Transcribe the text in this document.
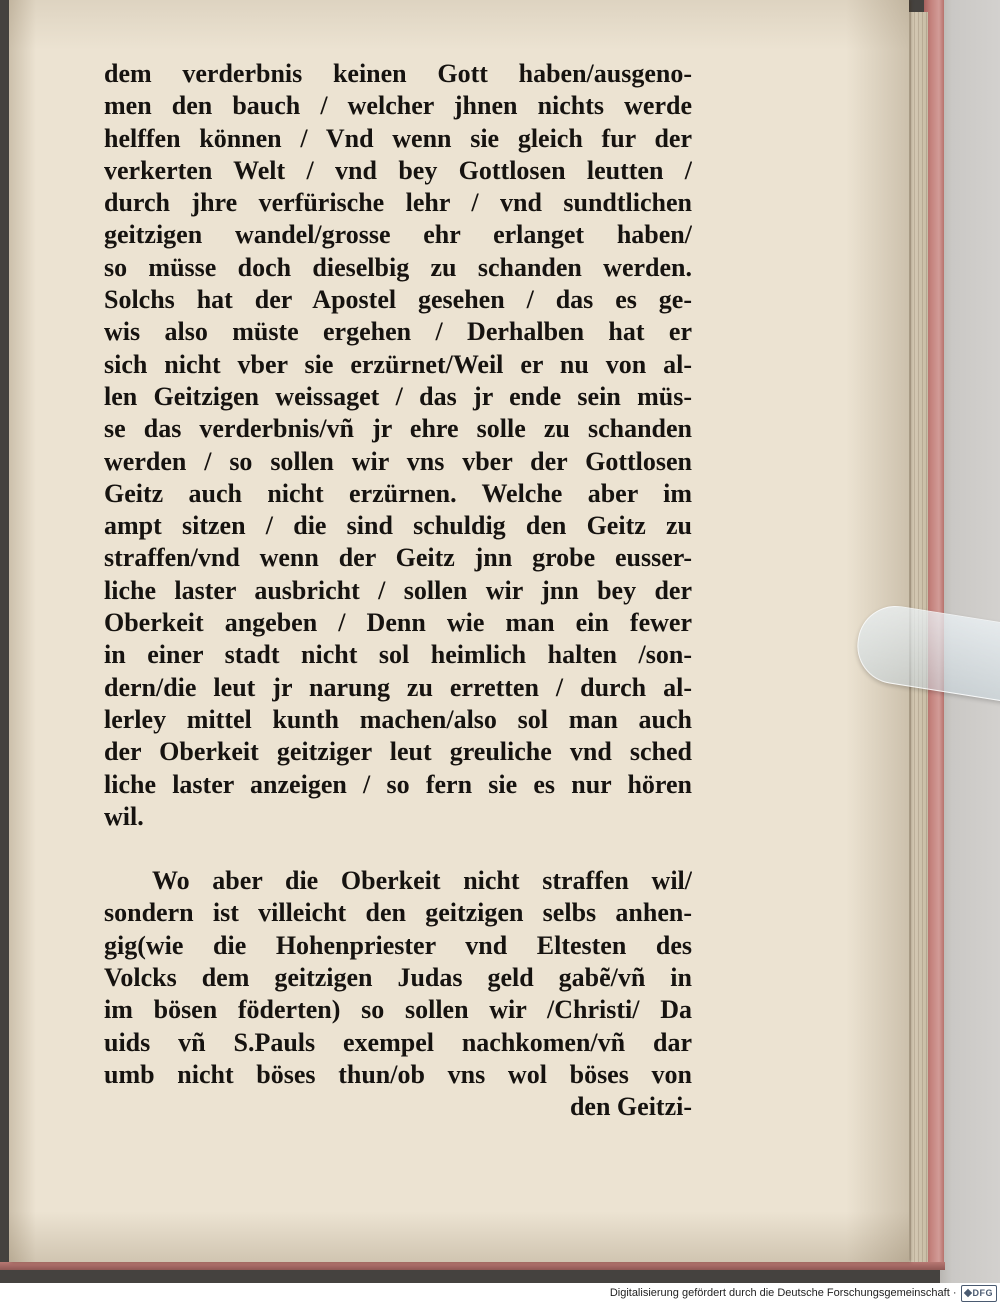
dem verderbnis keinen Gott haben/ausgeno-
men den bauch / welcher jhnen nichts werde
helffen können / Vnd wenn sie gleich fur der
verkerten Welt / vnd bey Gottlosen leutten /
durch jhre verfürische lehr / vnd sundtlichen
geitzigen wandel/grosse ehr erlanget haben/
so müsse doch dieselbig zu schanden werden.
Solchs hat der Apostel gesehen / das es ge-
wis also müste ergehen / Derhalben hat er
sich nicht vber sie erzürnet/Weil er nu von al-
len Geitzigen weissaget / das jr ende sein müs-
se das verderbnis/vñ jr ehre solle zu schanden
werden / so sollen wir vns vber der Gottlosen
Geitz auch nicht erzürnen. Welche aber im
ampt sitzen / die sind schuldig den Geitz zu
straffen/vnd wenn der Geitz jnn grobe eusser-
liche laster ausbricht / sollen wir jnn bey der
Oberkeit angeben / Denn wie man ein fewer
in einer stadt nicht sol heimlich halten /son-
dern/die leut jr narung zu erretten / durch al-
lerley mittel kunth machen/also sol man auch
der Oberkeit geitziger leut greuliche vnd sched
liche laster anzeigen / so fern sie es nur hören
wil.
Wo aber die Oberkeit nicht straffen wil/
sondern ist villeicht den geitzigen selbs anhen-
gig(wie die Hohenpriester vnd Eltesten des
Volcks dem geitzigen Judas geld gabẽ/vñ in
im bösen föderten) so sollen wir /Christi/ Da
uids vñ S.Pauls exempel nachkomen/vñ dar
umb nicht böses thun/ob vns wol böses von
den Geitzi-
Digitalisierung gefördert durch die Deutsche Forschungsgemeinschaft · DFG
